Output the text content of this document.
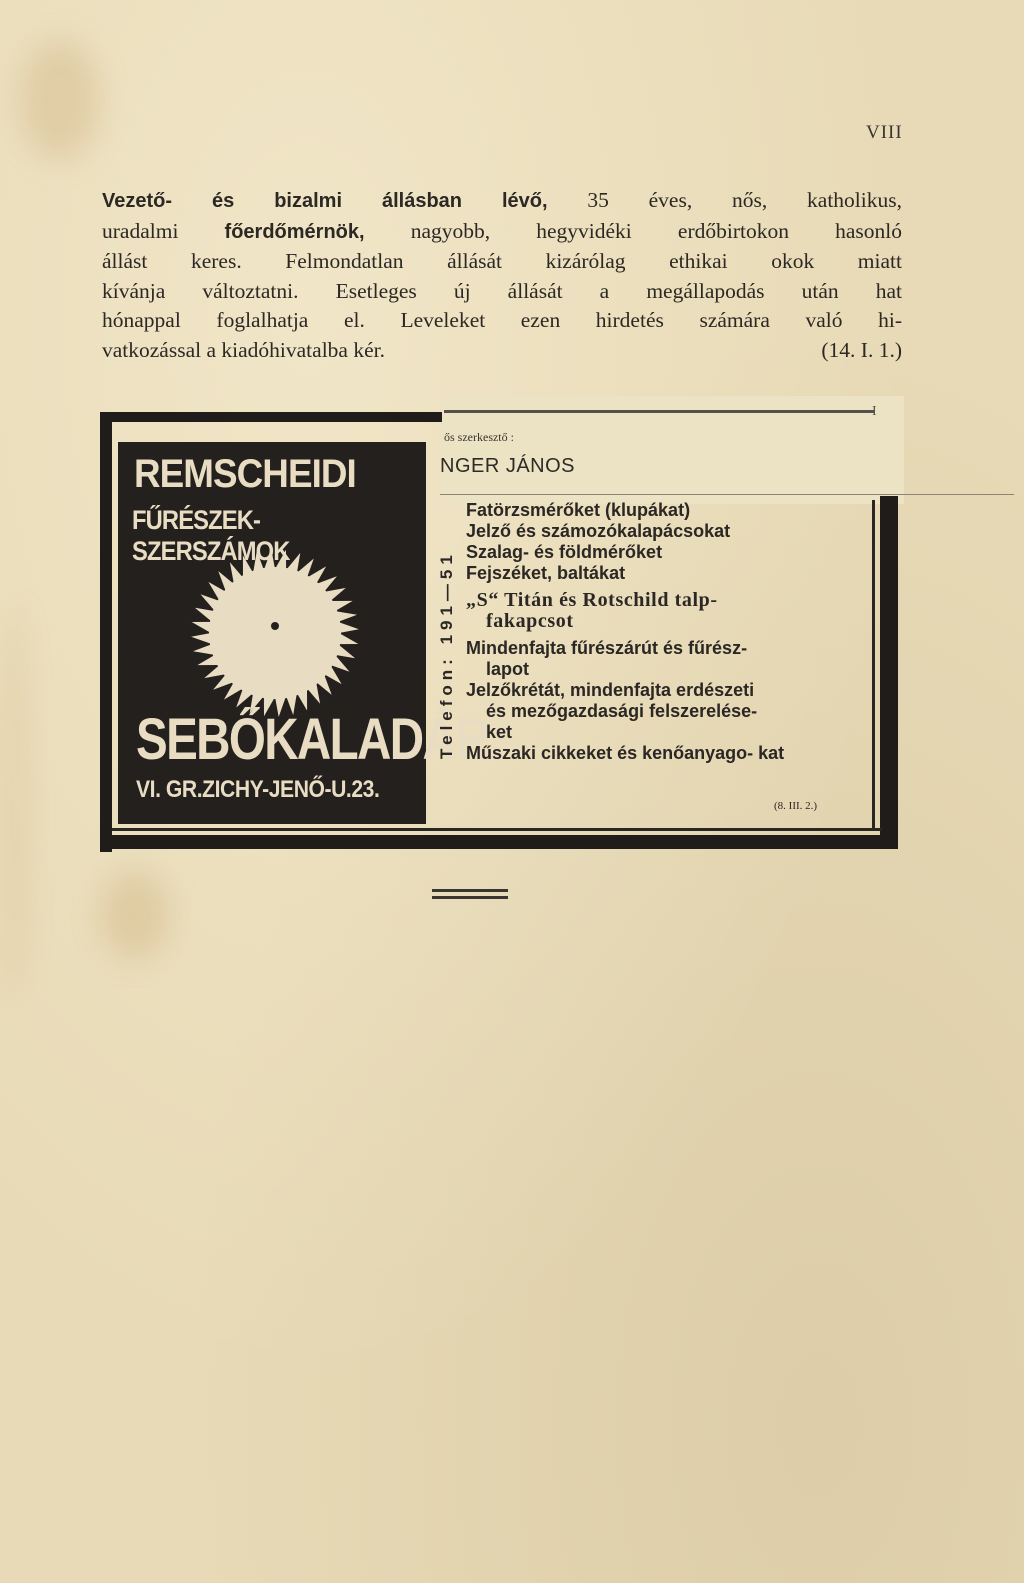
VIII
Vezető- és bizalmi állásban lévő, 35 éves, nős, katholikus,
uradalmi főerdőmérnök, nagyobb, hegyvidéki erdőbirtokon hasonló
állást keres. Felmondatlan állását kizárólag ethikai okok miatt
kívánja változtatni. Esetleges új állását a megállapodás után hat
hónappal foglalhatja el. Leveleket ezen hirdetés számára való hi-
vatkozással a kiadóhivatalba kér.	(14. I. 1.)
I
ős szerkesztő :
NGER JÁNOS
REMSCHEIDI
FŰRÉSZEK-SZERSZÁMOK
SEBŐKALADÁR
VI. GR.ZICHY-JENŐ-U.23.
Telefon: 191—51
Fatörzsmérőket (klupákat)
Jelző és számozókalapácsokat
Szalag- és földmérőket
Fejszéket, baltákat
„S“ Titán és Rotschild talp-
fakapcsot
Mindenfajta fűrészárút és fűrész-
lapot
Jelzőkrétát, mindenfajta erdészeti
és mezőgazdasági felszerelése-
ket
Műszaki cikkeket és kenőanyago- kat
(8. III. 2.)
